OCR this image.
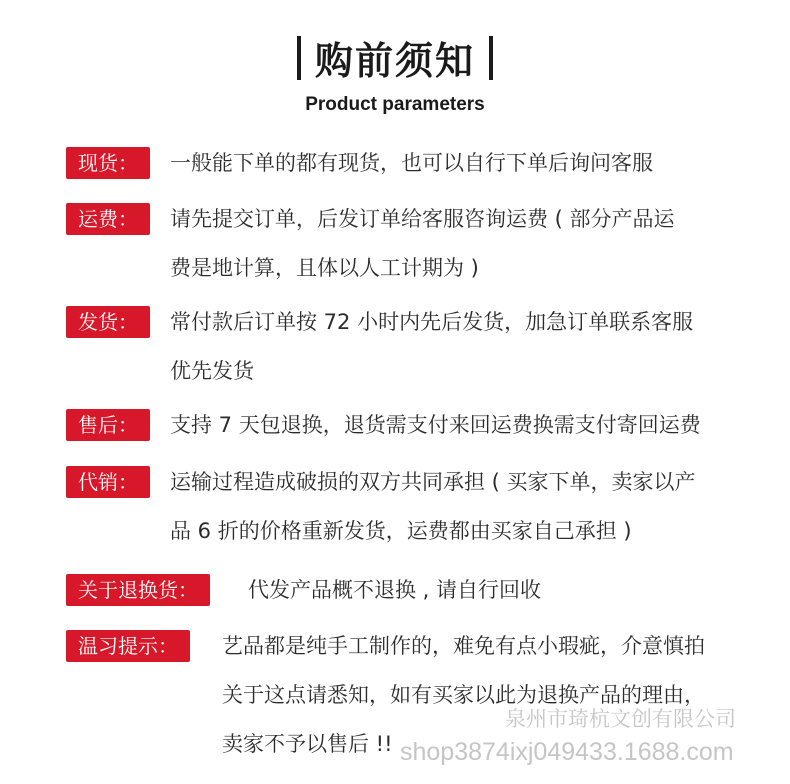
购前须知
Product parameters
现货：	一般能下单的都有现货，也可以自行下单后询问客服
运费：	请先提交订单，后发订单给客服咨询运费 ( 部分产品运
费是地计算，且体以人工计期为 )
发货：	常付款后订单按 72 小时内先后发货，加急订单联系客服
优先发货
售后：	支持 7 天包退换，退货需支付来回运费换需支付寄回运费
代销：	运输过程造成破损的双方共同承担 ( 买家下单，卖家以产
品 6 折的价格重新发货，运费都由买家自己承担 )
关于退换货：	代发产品概不退换 , 请自行回收
温习提示：	艺品都是纯手工制作的，难免有点小瑕疵，介意慎拍
关于这点请悉知，如有买家以此为退换产品的理由，
卖家不予以售后 !!
泉州市琦杭文创有限公司
shop3874ixj049433.1688.com
